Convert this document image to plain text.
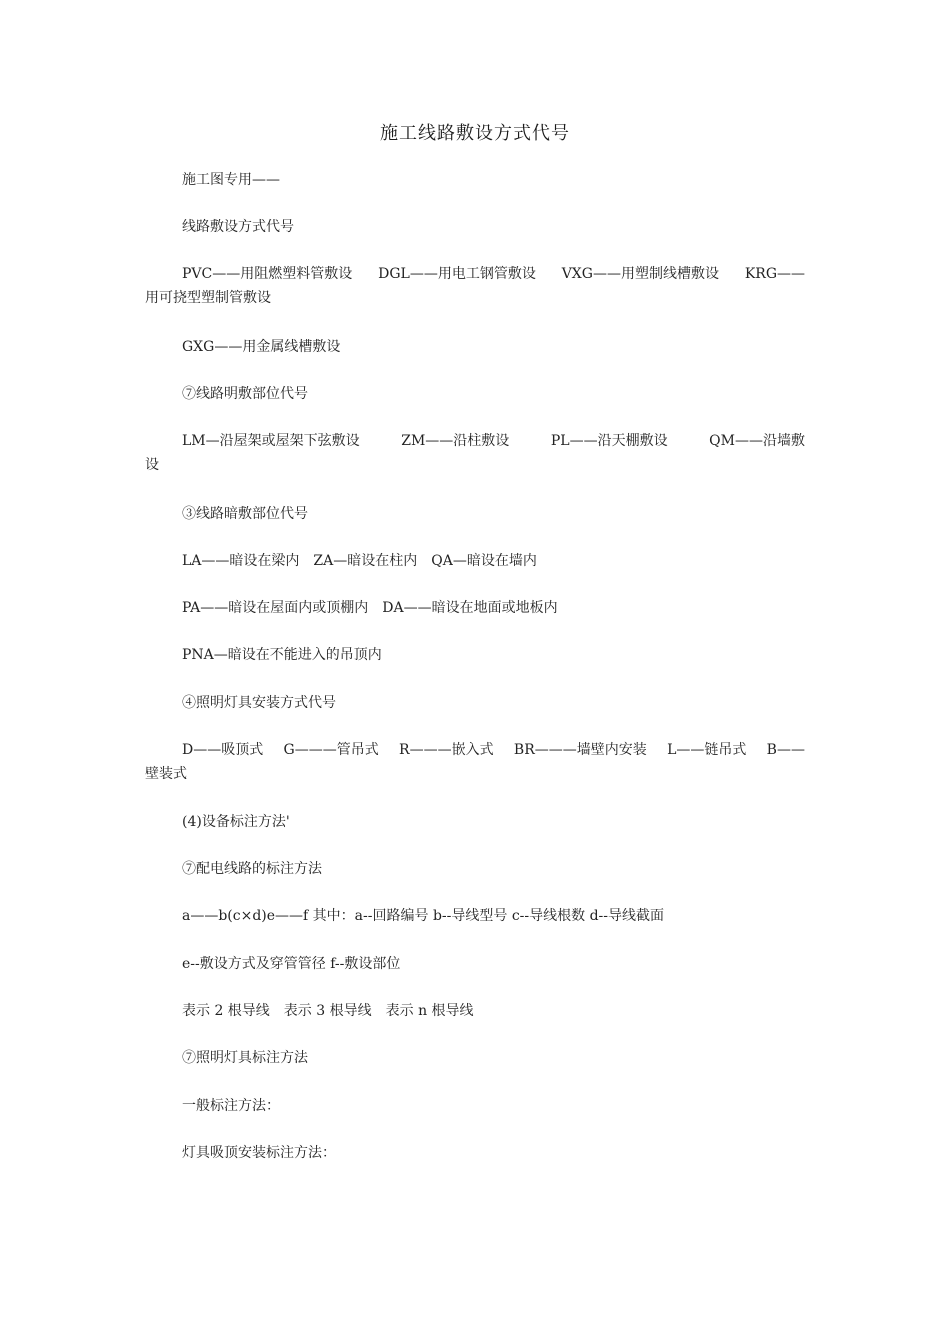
施工线路敷设方式代号
施工图专用——
线路敷设方式代号
PVC——用阻燃塑料管敷设 DGL——用电工钢管敷设 VXG——用塑制线槽敷设 KRG——
用可挠型塑制管敷设
GXG——用金属线槽敷设
⑦线路明敷部位代号
LM—沿屋架或屋架下弦敷设	ZM——沿柱敷设	PL——沿天棚敷设	QM——沿墙敷
设
③线路暗敷部位代号
LA——暗设在梁内　ZA—暗设在柱内　QA—暗设在墙内
PA——暗设在屋面内或顶棚内　DA——暗设在地面或地板内
PNA—暗设在不能进入的吊顶内
④照明灯具安装方式代号
D——吸顶式 G———管吊式 R———嵌入式 BR———墙壁内安装 L——链吊式 B——
壁装式
(4)设备标注方法'
⑦配电线路的标注方法
a——b(c×d)e——f 其中：a--回路编号 b--导线型号 c--导线根数 d--导线截面
e--敷设方式及穿管管径 f--敷设部位
表示 2 根导线　表示 3 根导线　表示 n 根导线
⑦照明灯具标注方法
一般标注方法：
灯具吸顶安装标注方法：
